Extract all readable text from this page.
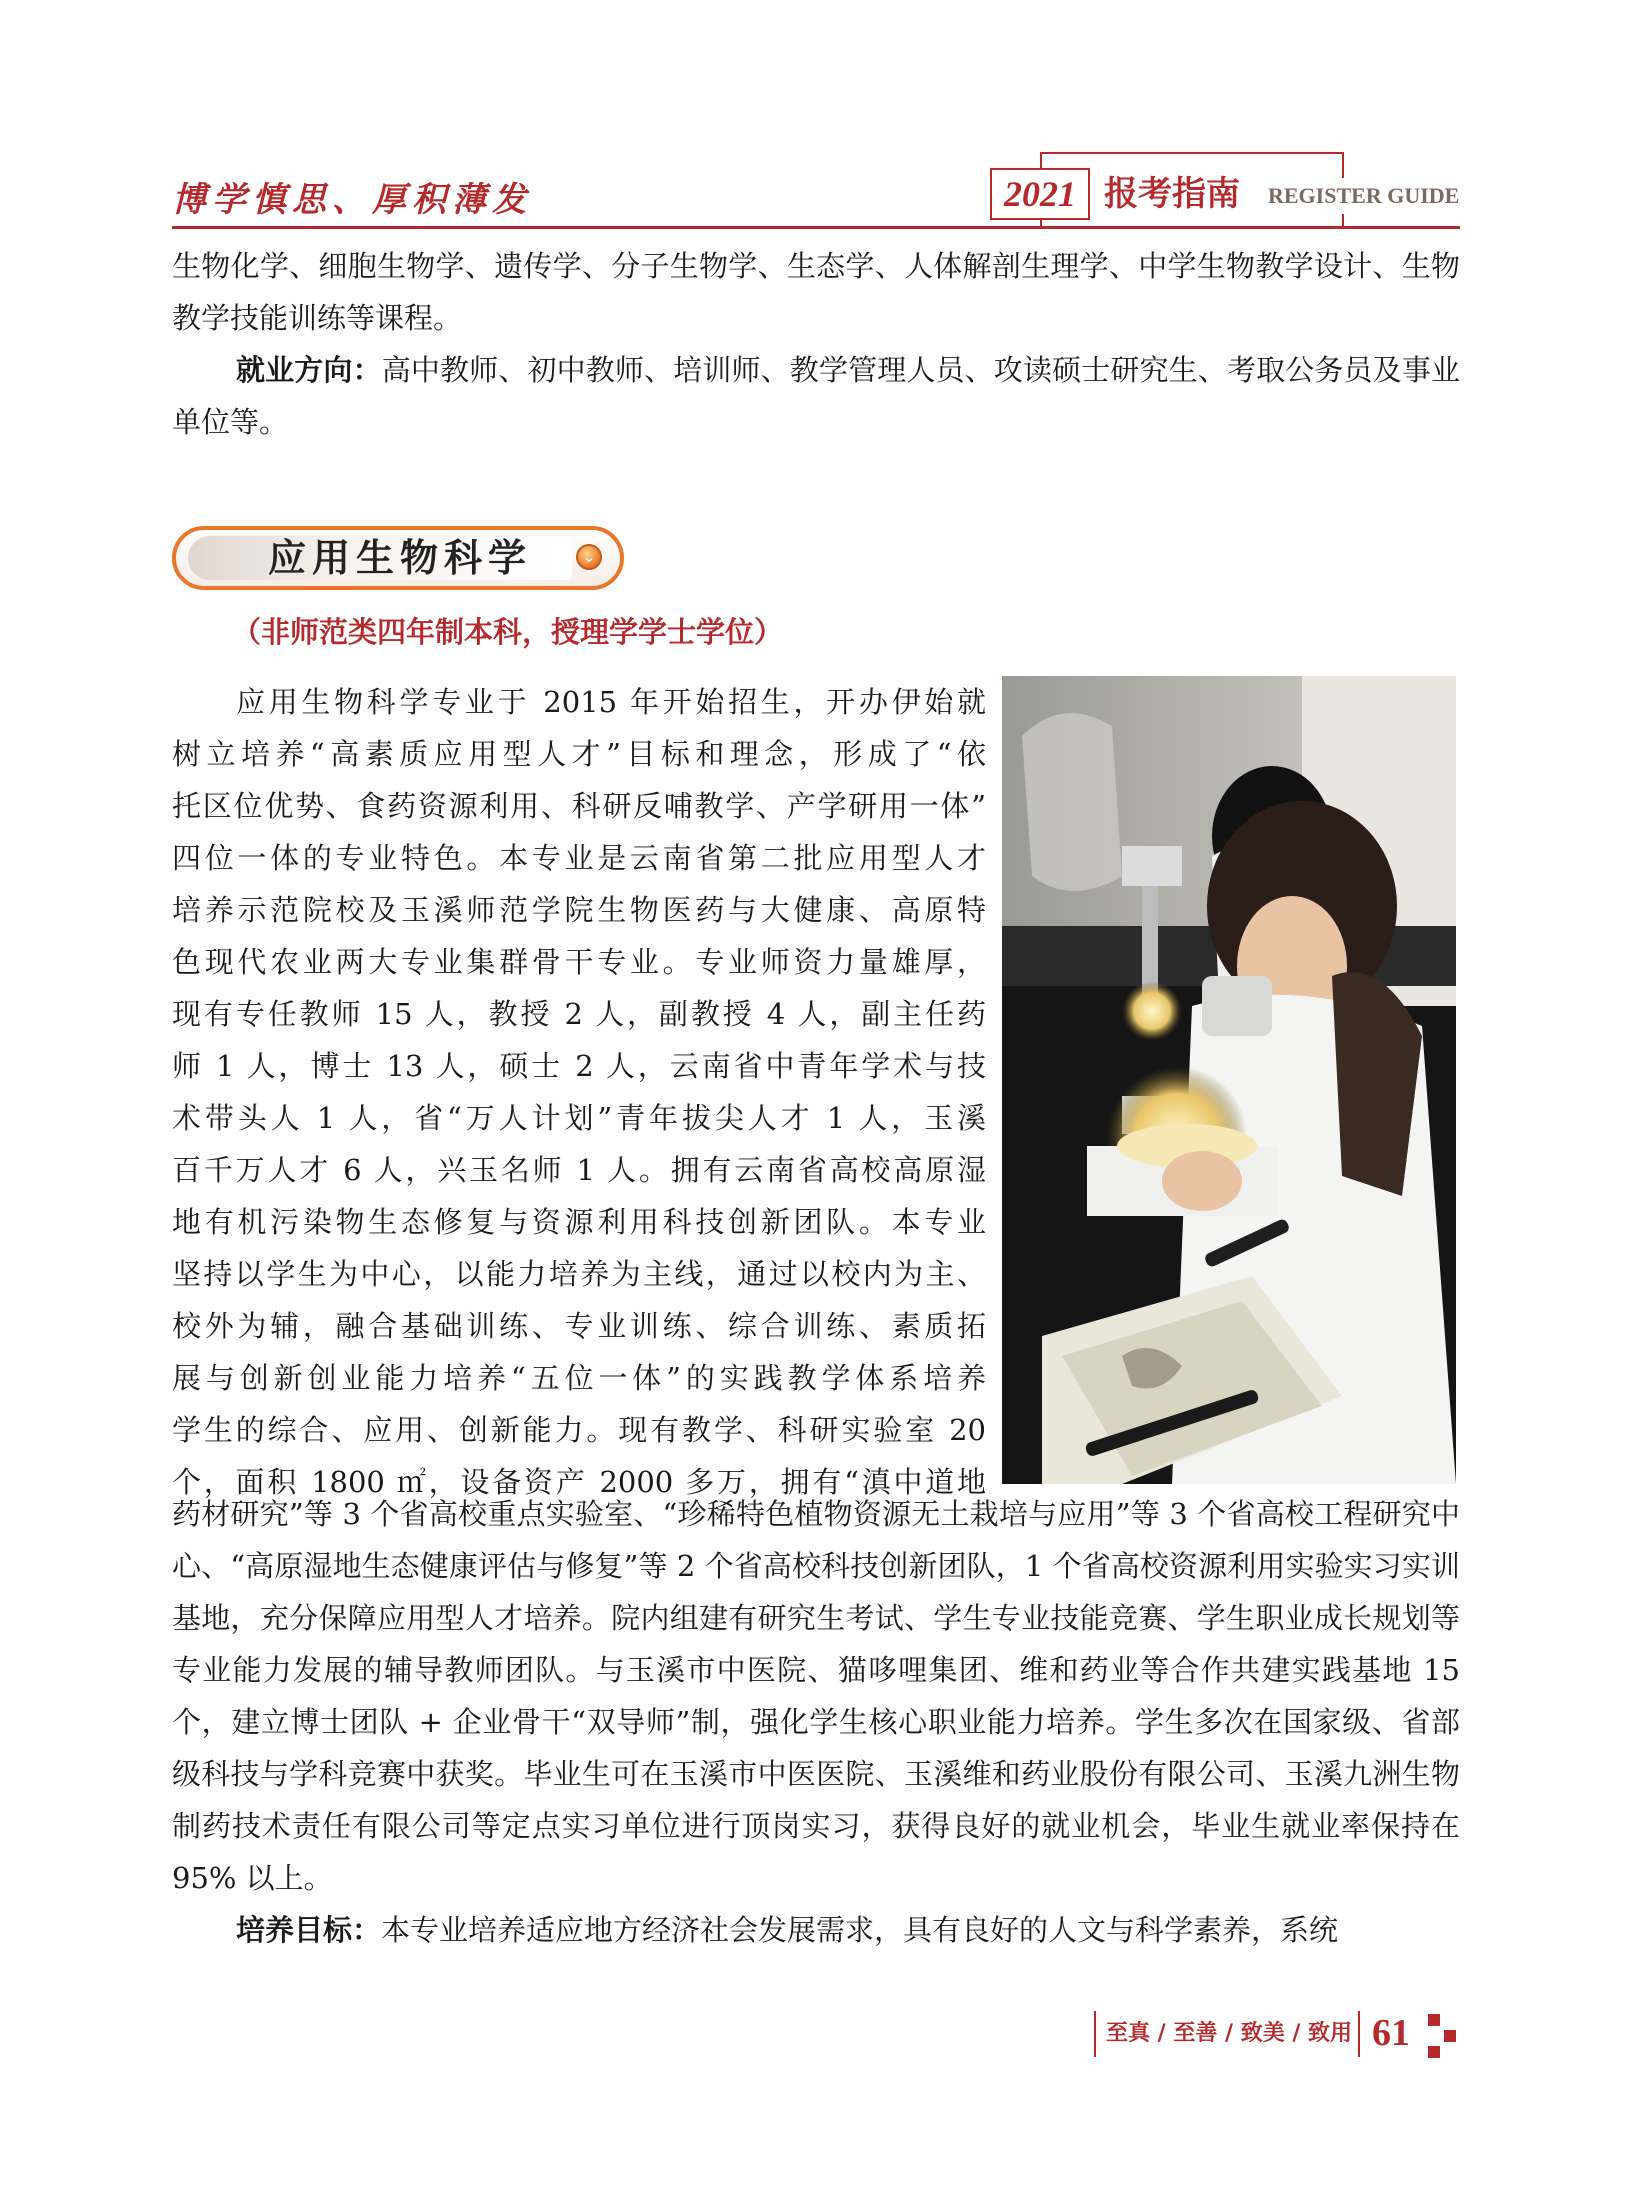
博学慎思、厚积薄发	2021 报考指南 REGISTER GUIDE

生物化学、细胞生物学、遗传学、分子生物学、生态学、人体解剖生理学、中学生物教学设计、生物教学技能训练等课程。

就业方向：高中教师、初中教师、培训师、教学管理人员、攻读硕士研究生、考取公务员及事业单位等。

应用生物科学	⌄
（非师范类四年制本科，授理学学士学位）
应用生物科学专业于 2015 年开始招生，开办伊始就
树立培养“高素质应用型人才”目标和理念，形成了“依
托区位优势、食药资源利用、科研反哺教学、产学研用一体”
四位一体的专业特色。本专业是云南省第二批应用型人才
培养示范院校及玉溪师范学院生物医药与大健康、高原特
色现代农业两大专业集群骨干专业。专业师资力量雄厚，
现有专任教师 15 人，教授 2 人，副教授 4 人，副主任药
师 1 人，博士 13 人，硕士 2 人，云南省中青年学术与技
术带头人 1 人，省“万人计划”青年拔尖人才 1 人，玉溪
百千万人才 6 人，兴玉名师 1 人。拥有云南省高校高原湿
地有机污染物生态修复与资源利用科技创新团队。本专业
坚持以学生为中心，以能力培养为主线，通过以校内为主、
校外为辅，融合基础训练、专业训练、综合训练、素质拓
展与创新创业能力培养“五位一体”的实践教学体系培养
学生的综合、应用、创新能力。现有教学、科研实验室 20
个，面积 1800 ㎡，设备资产 2000 多万，拥有“滇中道地

药材研究”等 3 个省高校重点实验室、“珍稀特色植物资源无土栽培与应用”等 3 个省高校工程研究中心、“高原湿地生态健康评估与修复”等 2 个省高校科技创新团队，1 个省高校资源利用实验实习实训基地，充分保障应用型人才培养。院内组建有研究生考试、学生专业技能竞赛、学生职业成长规划等专业能力发展的辅导教师团队。与玉溪市中医院、猫哆哩集团、维和药业等合作共建实践基地 15 个，建立博士团队 + 企业骨干“双导师”制，强化学生核心职业能力培养。学生多次在国家级、省部级科技与学科竞赛中获奖。毕业生可在玉溪市中医医院、玉溪维和药业股份有限公司、玉溪九洲生物制药技术责任有限公司等定点实习单位进行顶岗实习，获得良好的就业机会，毕业生就业率保持在 95% 以上。

培养目标：本专业培养适应地方经济社会发展需求，具有良好的人文与科学素养，系统

至真 / 至善 / 致美 / 致用 61
